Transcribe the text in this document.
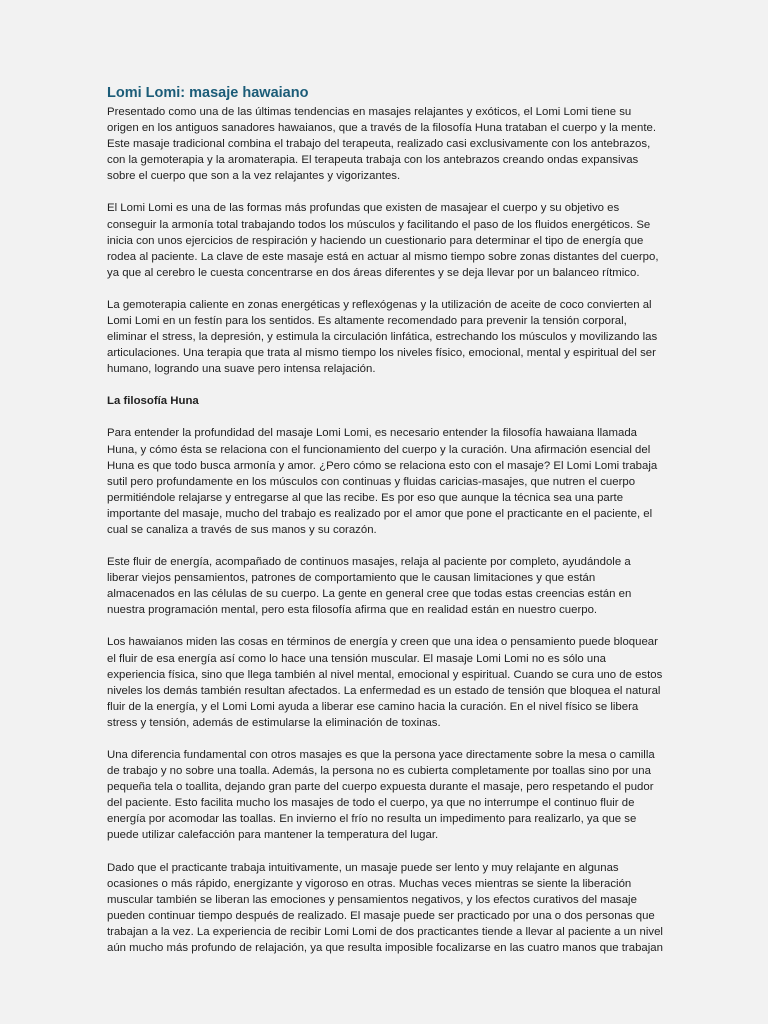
Lomi Lomi: masaje hawaiano

Presentado como una de las últimas tendencias en masajes relajantes y exóticos, el Lomi Lomi tiene su origen en los antiguos sanadores hawaianos, que a través de la filosofía Huna trataban el cuerpo y la mente. Este masaje tradicional combina el trabajo del terapeuta, realizado casi exclusivamente con los antebrazos, con la gemoterapia y la aromaterapia. El terapeuta trabaja con los antebrazos creando ondas expansivas sobre el cuerpo que son a la vez relajantes y vigorizantes.

El Lomi Lomi es una de las formas más profundas que existen de masajear el cuerpo y su objetivo es conseguir la armonía total trabajando todos los músculos y facilitando el paso de los fluidos energéticos. Se inicia con unos ejercicios de respiración y haciendo un cuestionario para determinar el tipo de energía que rodea al paciente. La clave de este masaje está en actuar al mismo tiempo sobre zonas distantes del cuerpo, ya que al cerebro le cuesta concentrarse en dos áreas diferentes y se deja llevar por un balanceo rítmico.

La gemoterapia caliente en zonas energéticas y reflexógenas y la utilización de aceite de coco convierten al Lomi Lomi en un festín para los sentidos. Es altamente recomendado para prevenir la tensión corporal, eliminar el stress, la depresión, y estimula la circulación linfática, estrechando los músculos y movilizando las articulaciones. Una terapia que trata al mismo tiempo los niveles físico, emocional, mental y espiritual del ser humano, logrando una suave pero intensa relajación.

La filosofía Huna

Para entender la profundidad del masaje Lomi Lomi, es necesario entender la filosofía hawaiana llamada Huna, y cómo ésta se relaciona con el funcionamiento del cuerpo y la curación. Una afirmación esencial del Huna es que todo busca armonía y amor. ¿Pero cómo se relaciona esto con el masaje? El Lomi Lomi trabaja sutil pero profundamente en los músculos con continuas y fluidas caricias-masajes, que nutren el cuerpo permitiéndole relajarse y entregarse al que las recibe. Es por eso que aunque la técnica sea una parte importante del masaje, mucho del trabajo es realizado por el amor que pone el practicante en el paciente, el cual se canaliza a través de sus manos y su corazón.

Este fluir de energía, acompañado de continuos masajes, relaja al paciente por completo, ayudándole a liberar viejos pensamientos, patrones de comportamiento que le causan limitaciones y que están almacenados en las células de su cuerpo. La gente en general cree que todas estas creencias están en nuestra programación mental, pero esta filosofía afirma que en realidad están en nuestro cuerpo.

Los hawaianos miden las cosas en términos de energía y creen que una idea o pensamiento puede bloquear el fluir de esa energía así como lo hace una tensión muscular. El masaje Lomi Lomi no es sólo una experiencia física, sino que llega también al nivel mental, emocional y espiritual. Cuando se cura uno de estos niveles los demás también resultan afectados. La enfermedad es un estado de tensión que bloquea el natural fluir de la energía, y el Lomi Lomi ayuda a liberar ese camino hacia la curación. En el nivel físico se libera stress y tensión, además de estimularse la eliminación de toxinas.

Una diferencia fundamental con otros masajes es que la persona yace directamente sobre la mesa o camilla de trabajo y no sobre una toalla. Además, la persona no es cubierta completamente por toallas sino por una pequeña tela o toallita, dejando gran parte del cuerpo expuesta durante el masaje, pero respetando el pudor del paciente. Esto facilita mucho los masajes de todo el cuerpo, ya que no interrumpe el continuo fluir de energía por acomodar las toallas. En invierno el frío no resulta un impedimento para realizarlo, ya que se puede utilizar calefacción para mantener la temperatura del lugar.

Dado que el practicante trabaja intuitivamente, un masaje puede ser lento y muy relajante en algunas ocasiones o más rápido, energizante y vigoroso en otras. Muchas veces mientras se siente la liberación muscular también se liberan las emociones y pensamientos negativos, y los efectos curativos del masaje pueden continuar tiempo después de realizado. El masaje puede ser practicado por una o dos personas que trabajan a la vez. La experiencia de recibir Lomi Lomi de dos practicantes tiende a llevar al paciente a un nivel aún mucho más profundo de relajación, ya que resulta imposible focalizarse en las cuatro manos que trabajan
